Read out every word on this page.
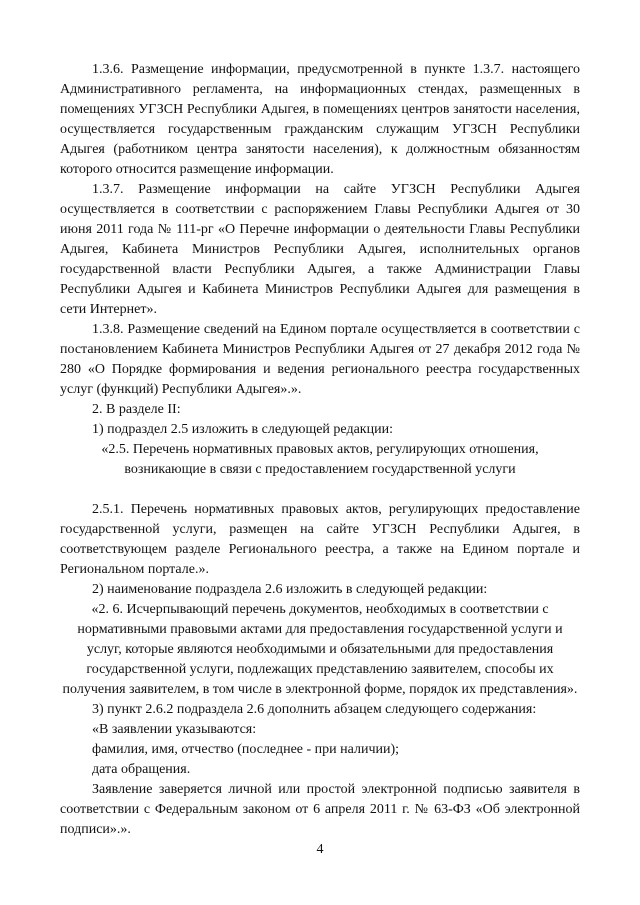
1.3.6. Размещение информации, предусмотренной в пункте 1.3.7. настоящего Административного регламента, на информационных стендах, размещенных в помещениях УГЗСН Республики Адыгея, в помещениях центров занятости населения, осуществляется государственным гражданским служащим УГЗСН Республики Адыгея (работником центра занятости населения), к должностным обязанностям которого относится размещение информации.

1.3.7. Размещение информации на сайте УГЗСН Республики Адыгея осуществляется в соответствии с распоряжением Главы Республики Адыгея от 30 июня 2011 года № 111-рг «О Перечне информации о деятельности Главы Республики Адыгея, Кабинета Министров Республики Адыгея, исполнительных органов государственной власти Республики Адыгея, а также Администрации Главы Республики Адыгея и Кабинета Министров Республики Адыгея для размещения в сети Интернет».

1.3.8. Размещение сведений на Едином портале осуществляется в соответствии с постановлением Кабинета Министров Республики Адыгея от 27 декабря 2012 года № 280 «О Порядке формирования и ведения регионального реестра государственных услуг (функций) Республики Адыгея».».

2. В разделе II:

1) подраздел 2.5 изложить в следующей редакции:

«2.5. Перечень нормативных правовых актов, регулирующих отношения, возникающие в связи с предоставлением государственной услуги

2.5.1. Перечень нормативных правовых актов, регулирующих предоставление государственной услуги, размещен на сайте УГЗСН Республики Адыгея, в соответствующем разделе Регионального реестра, а также на Едином портале и Региональном портале.».

2) наименование подраздела 2.6 изложить в следующей редакции:

«2. 6. Исчерпывающий перечень документов, необходимых в соответствии с нормативными правовыми актами для предоставления государственной услуги и услуг, которые являются необходимыми и обязательными для предоставления государственной услуги, подлежащих представлению заявителем, способы их получения заявителем, в том числе в электронной форме, порядок их представления».

3) пункт 2.6.2 подраздела 2.6 дополнить абзацем следующего содержания:

«В заявлении указываются:

фамилия, имя, отчество (последнее - при наличии);

дата обращения.

Заявление заверяется личной или простой электронной подписью заявителя в соответствии с Федеральным законом от 6 апреля 2011 г. № 63-ФЗ «Об электронной подписи».».

4
